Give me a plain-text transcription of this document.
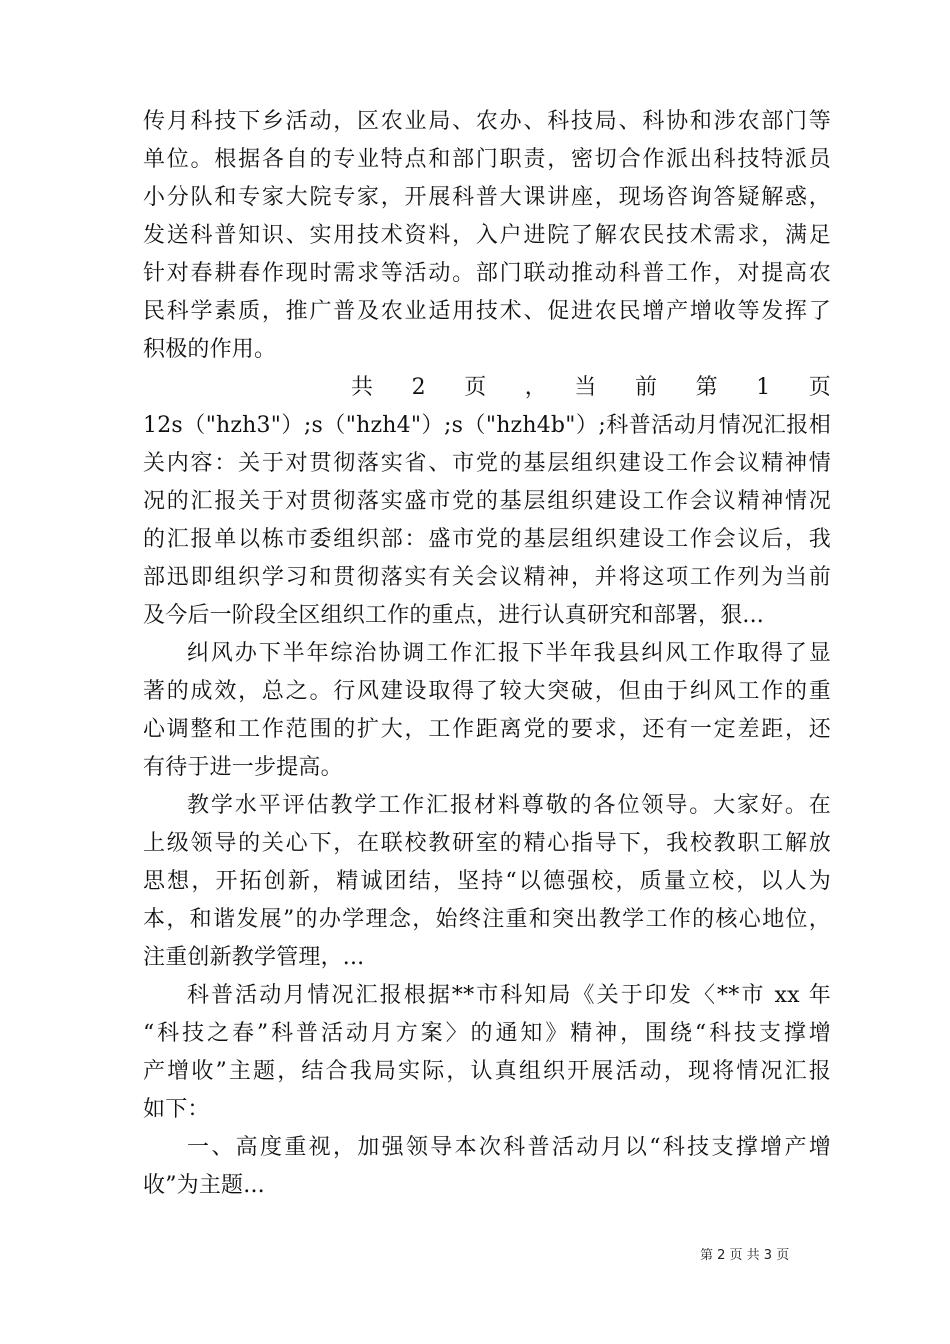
传月科技下乡活动，区农业局、农办、科技局、科协和涉农部门等
单位。根据各自的专业特点和部门职责，密切合作派出科技特派员
小分队和专家大院专家，开展科普大课讲座，现场咨询答疑解惑，
发送科普知识、实用技术资料，入户进院了解农民技术需求，满足
针对春耕春作现时需求等活动。部门联动推动科普工作，对提高农
民科学素质，推广普及农业适用技术、促进农民增产增收等发挥了
积极的作用。
共　2　页　，　当　前　第　1　页
12s（"hzh3"）;s（"hzh4"）;s（"hzh4b"）;科普活动月情况汇报相
关内容：关于对贯彻落实省、市党的基层组织建设工作会议精神情
况的汇报关于对贯彻落实盛市党的基层组织建设工作会议精神情况
的汇报单以栋市委组织部：盛市党的基层组织建设工作会议后，我
部迅即组织学习和贯彻落实有关会议精神，并将这项工作列为当前
及今后一阶段全区组织工作的重点，进行认真研究和部署，狠...
纠风办下半年综治协调工作汇报下半年我县纠风工作取得了显
著的成效，总之。行风建设取得了较大突破，但由于纠风工作的重
心调整和工作范围的扩大，工作距离党的要求，还有一定差距，还
有待于进一步提高。
教学水平评估教学工作汇报材料尊敬的各位领导。大家好。在
上级领导的关心下，在联校教研室的精心指导下，我校教职工解放
思想，开拓创新，精诚团结，坚持“以德强校，质量立校，以人为
本，和谐发展”的办学理念，始终注重和突出教学工作的核心地位，
注重创新教学管理，...
科普活动月情况汇报根据**市科知局《关于印发〈**市 xx 年
“科技之春”科普活动月方案〉的通知》精神，围绕“科技支撑增
产增收”主题，结合我局实际，认真组织开展活动，现将情况汇报
如下：
一、高度重视，加强领导本次科普活动月以“科技支撑增产增
收”为主题...
第 2 页 共 3 页
